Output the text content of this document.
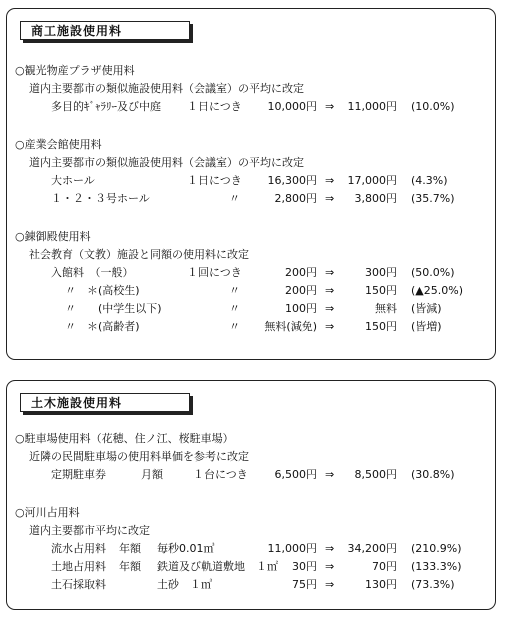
商工施設使用料
○観光物産プラザ使用料
道内主要都市の類似施設使用料（会議室）の平均に改定
多目的ｷﾞｬﾗﾘｰ及び中庭 １日につき	10,000円 ⇒	11,000円 (10.0%)
○産業会館使用料
道内主要都市の類似施設使用料（会議室）の平均に改定
大ホール	１日につき	16,300円 ⇒	17,000円 (4.3%)
１・２・３号ホール	〃	2,800円 ⇒	3,800円 (35.7%)
○錬御殿使用料
社会教育（文教）施設と同額の使用料に改定
入館料　（一般）	１回につき	200円 ⇒	300円 (50.0%)
〃　＊(高校生)	〃	200円 ⇒	150円 (▲25.0%)
〃　　(中学生以下)	〃	100円 ⇒	無料 (皆減)
〃　＊(高齢者)	〃	無料(減免) ⇒	150円 (皆増)
土木施設使用料
○駐車場使用料（花穂、住ノ江、桜駐車場）
近隣の民間駐車場の使用料単価を参考に改定
定期駐車券	月額	１台につき	6,500円 ⇒	8,500円 (30.8%)
○河川占用料
道内主要都市平均に改定
流水占用料 年額 毎秒0.01㎥	11,000円 ⇒	34,200円 (210.9%)
土地占用料 年額 鉄道及び軌道敷地　１㎡	30円 ⇒	70円 (133.3%)
土石採取料	土砂　１㎥	75円 ⇒	130円 (73.3%)
